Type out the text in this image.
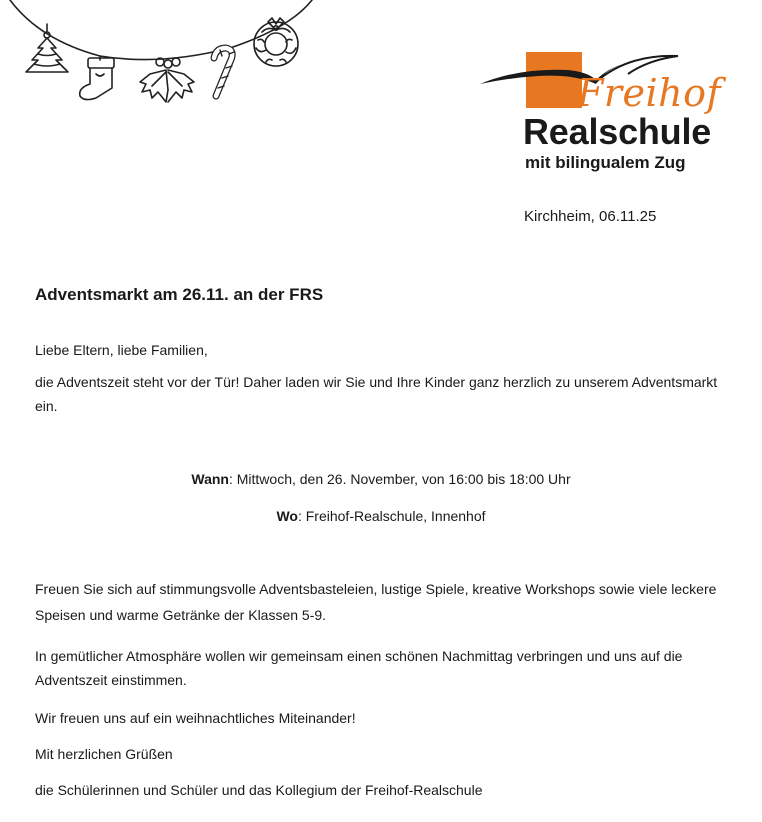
Freihof
Realschule
mit bilingualem Zug
Kirchheim, 06.11.25
Adventsmarkt am 26.11. an der FRS

Liebe Eltern, liebe Familien,

die Adventszeit steht vor der Tür! Daher laden wir Sie und Ihre Kinder ganz herzlich zu unserem Adventsmarkt ein.

Wann: Mittwoch, den 26. November, von 16:00 bis 18:00 Uhr

Wo: Freihof-Realschule, Innenhof

Freuen Sie sich auf stimmungsvolle Adventsbasteleien, lustige Spiele, kreative Workshops sowie viele leckere Speisen und warme Getränke der Klassen 5-9.

In gemütlicher Atmosphäre wollen wir gemeinsam einen schönen Nachmittag verbringen und uns auf die Adventszeit einstimmen.

Wir freuen uns auf ein weihnachtliches Miteinander!

Mit herzlichen Grüßen

die Schülerinnen und Schüler und das Kollegium der Freihof-Realschule
